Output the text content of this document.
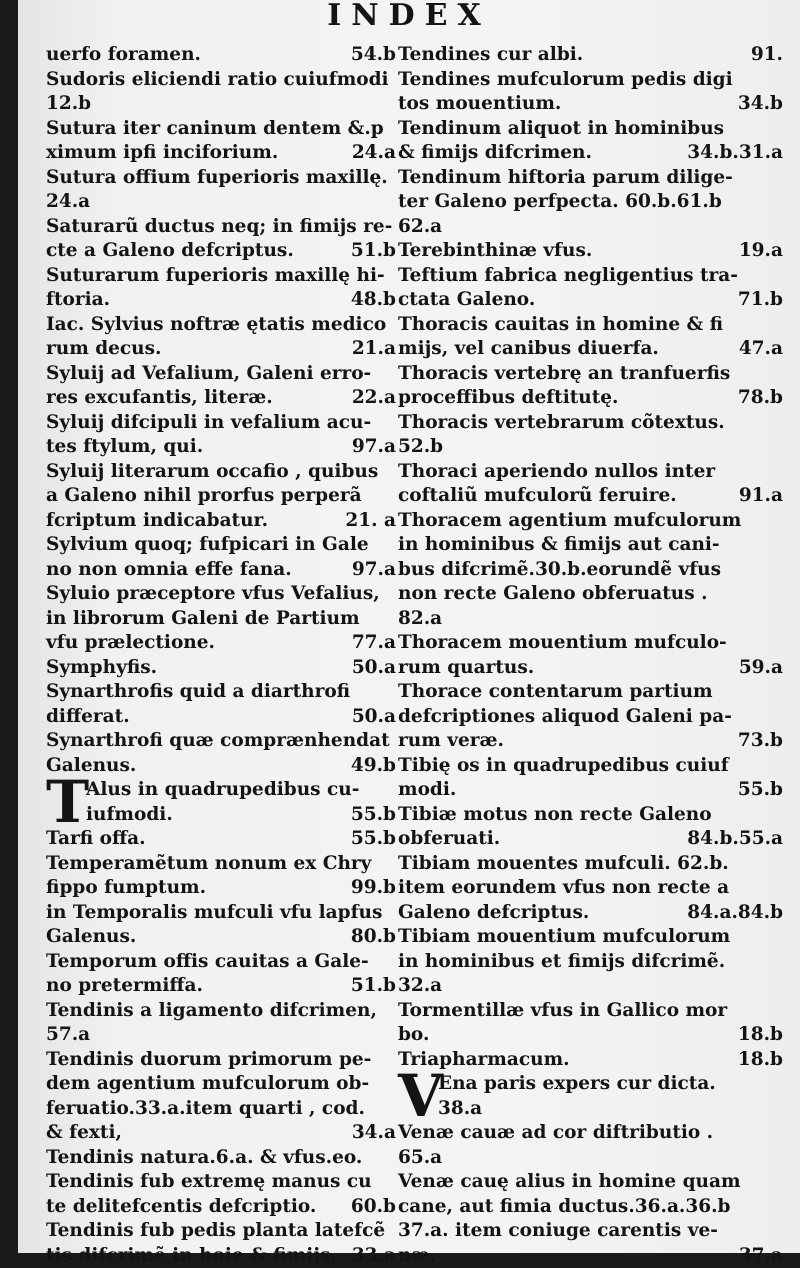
INDEX
uerfo foramen.	54.b
Sudoris eliciendi ratio cuiufmodi
12.b
Sutura iter caninum dentem &.p
ximum ipfi inciforium.	24.a
Sutura offium fuperioris maxillę.
24.a
Saturarũ ductus neq; in fimijs re-
cte a Galeno defcriptus.	51.b
Suturarum fuperioris maxillę hi-
ftoria.	48.b
Iac. Sylvius noftræ ętatis medico
rum decus.	21.a
Syluij ad Vefalium, Galeni erro-
res excufantis, literæ.	22.a
Syluij difcipuli in vefalium acu-
tes ftylum, qui.	97.a
Syluij literarum occafio , quibus
a Galeno nihil prorfus perperã
fcriptum indicabatur.	21. a
Sylvium quoq; fufpicari in Gale
no non omnia effe fana.	97.a
Syluio præceptore vfus Vefalius,
in librorum Galeni de Partium
vfu prælectione.	77.a
Symphyfis.	50.a
Synarthrofis quid a diarthrofi
differat.	50.a
Synarthrofi quæ comprænhendat
Galenus.	49.b
T
Alus in quadrupedibus cu-
iufmodi.	55.b
Tarfi offa.	55.b
Temperamẽtum nonum ex Chry
fippo fumptum.	99.b
in Temporalis mufculi vfu lapfus
Galenus.	80.b
Temporum offis cauitas a Gale-
no pretermiffa.	51.b
Tendinis a ligamento difcrimen,
57.a
Tendinis duorum primorum pe-
dem agentium mufculorum ob-
feruatio.33.a.item quarti , cod.
& fexti,	34.a
Tendinis natura.6.a. & vfus.eo.
Tendinis fub extremę manus cu
te delitefcentis defcriptio. 60.b
Tendinis fub pedis planta latefcẽ
tis difcrimẽ in hoie & fimijs. 33.a
Tendines cur albi.	91.
Tendines mufculorum pedis digi
tos mouentium.	34.b
Tendinum aliquot in hominibus
& fimijs difcrimen.	34.b.31.a
Tendinum hiftoria parum dilige-
ter Galeno perfpecta. 60.b.61.b
62.a
Terebinthinæ vfus.	19.a
Teftium fabrica negligentius tra-
ctata Galeno.	71.b
Thoracis cauitas in homine & fi
mijs, vel canibus diuerfa.	47.a
Thoracis vertebrę an tranfuerfis
proceffibus deftitutę.	78.b
Thoracis vertebrarum cõtextus.
52.b
Thoraci aperiendo nullos inter
coftaliũ mufculorũ feruire.	91.a
Thoracem agentium mufculorum
in hominibus & fimijs aut cani-
bus difcrimẽ.30.b.eorundẽ vfus
non recte Galeno obferuatus .
82.a
Thoracem mouentium mufculo-
rum quartus.	59.a
Thorace contentarum partium
defcriptiones aliquod Galeni pa-
rum veræ.	73.b
Tibię os in quadrupedibus cuiuf
modi.	55.b
Tibiæ motus non recte Galeno
obferuati.	84.b.55.a
Tibiam mouentes mufculi. 62.b.
item eorundem vfus non recte a
Galeno defcriptus.	84.a.84.b
Tibiam mouentium mufculorum
in hominibus et fimijs difcrimẽ.
32.a
Tormentillæ vfus in Gallico mor
bo.	18.b
Triapharmacum.	18.b
V
Ena paris expers cur dicta.
38.a
Venæ cauæ ad cor diftributio .
65.a
Venæ cauę alius in homine quam
cane, aut fimia ductus.36.a.36.b
37.a. item coniuge carentis ve-
næ.	37.a
